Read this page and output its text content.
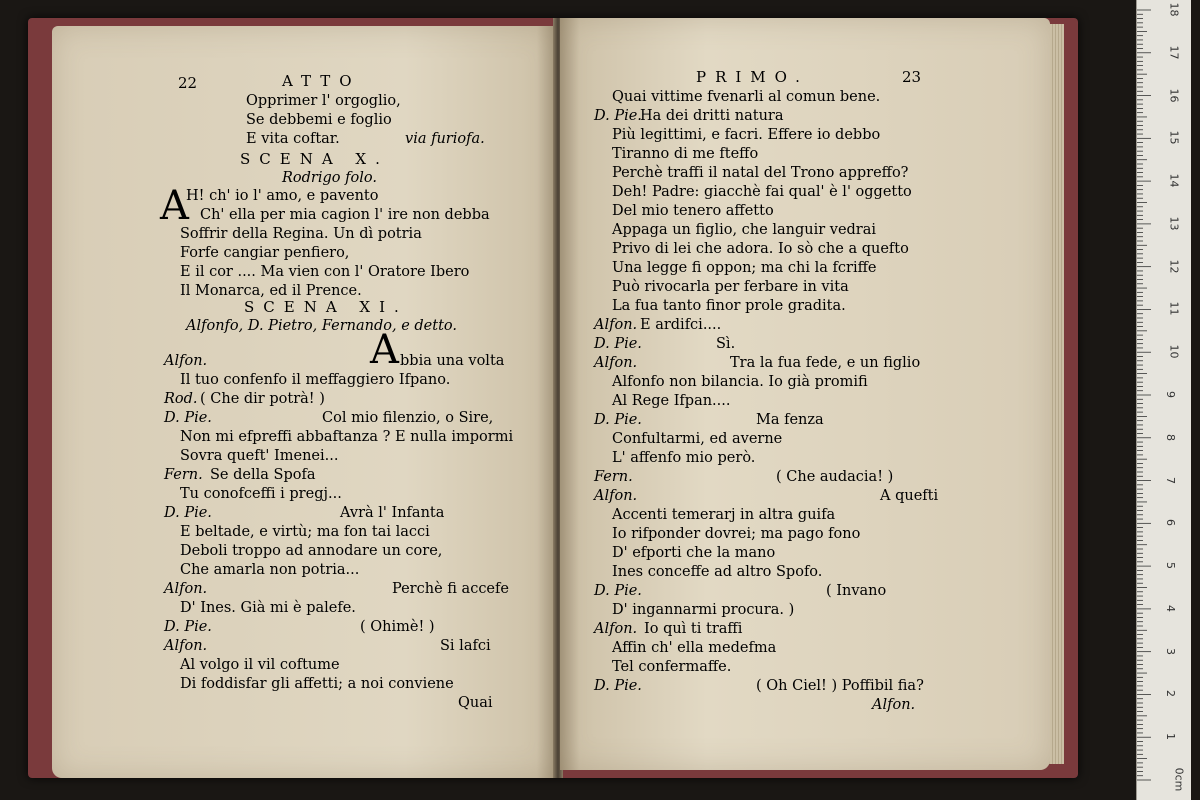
22	ATTO
Opprimer l' orgoglio,
Se debbemi e foglio
E vita coftar.	via furiofa.
SCENA X.
Rodrigo folo.
A
H! ch' io l' amo, e pavento
Ch' ella per mia cagion l' ire non debba
Soffrir della Regina. Un dì potria
Forfe cangiar penfiero,
E il cor .... Ma vien con l' Oratore Ibero
Il Monarca, ed il Prence.
SCENA XI.
Alfonfo, D. Pietro, Fernando, e detto.
Alfon.	A bbia una volta
Il tuo confenfo il meffaggiero Ifpano.
Rod. ( Che dir potrà! )
D. Pie.	Col mio filenzio, o Sire,
Non mi efpreffi abbaftanza ? E nulla impormi
Sovra queft' Imenei...
Fern. Se della Spofa
Tu conofceffi i pregj...
D. Pie.	Avrà l' Infanta
E beltade, e virtù; ma fon tai lacci
Deboli troppo ad annodare un core,
Che amarla non potria...
Alfon.	Perchè fi accefe
D' Ines. Già mi è palefe.
D. Pie.	( Ohimè! )
Alfon.	Si lafci
Al volgo il vil coftume
Di foddisfar gli affetti; a noi conviene
Quai
PRIMO.	23
Quai vittime fvenarli al comun bene.
D. Pie.
Ha dei dritti natura
Più legittimi, e facri. Effere io debbo
Tiranno di me fteffo
Perchè traffi il natal del Trono appreffo?
Deh! Padre: giacchè fai qual' è l' oggetto
Del mio tenero affetto
Appaga un figlio, che languir vedrai
Privo di lei che adora. Io sò che a quefto
Una legge fi oppon; ma chi la fcriffe
Può rivocarla per ferbare in vita
La fua tanto finor prole gradita.
Alfon. E ardifci....
D. Pie.	Sì.
Alfon.	Tra la fua fede, e un figlio
Alfonfo non bilancia. Io già promifi
Al Rege Ifpan....
D. Pie.	Ma fenza
Confultarmi, ed averne
L' affenfo mio però.
Fern.	( Che audacia! )
Alfon.	A quefti
Accenti temerarj in altra guifa
Io rifponder dovrei; ma pago fono
D' efporti che la mano
Ines conceffe ad altro Spofo.
D. Pie.	( Invano
D' ingannarmi procura. )
Alfon. Io quì ti traffi
Affin ch' ella medefma
Tel confermaffe.
D. Pie.	( Oh Ciel! ) Poffibil fia?
Alfon.
0cm
1
2
3
4
5
6
7
8
9
10
11
12
13
14
15
16
17
18
